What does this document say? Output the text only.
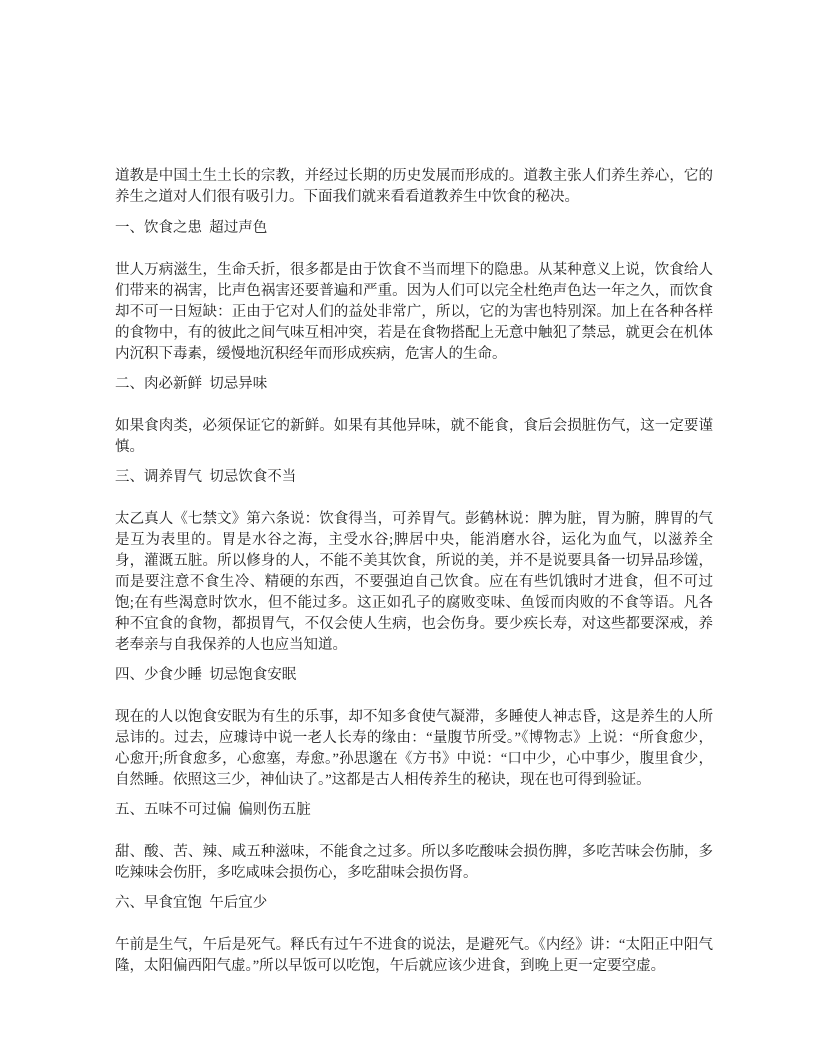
道教是中国土生土长的宗教，并经过长期的历史发展而形成的。道教主张人们养生养心，它的养生之道对人们很有吸引力。下面我们就来看看道教养生中饮食的秘决。

一、饮食之患  超过声色

世人万病滋生，生命夭折，很多都是由于饮食不当而埋下的隐患。从某种意义上说，饮食给人们带来的祸害，比声色祸害还要普遍和严重。因为人们可以完全杜绝声色达一年之久，而饮食却不可一日短缺：正由于它对人们的益处非常广，所以，它的为害也特别深。加上在各种各样的食物中，有的彼此之间气味互相冲突，若是在食物搭配上无意中触犯了禁忌，就更会在机体内沉积下毒素，缓慢地沉积经年而形成疾病，危害人的生命。

二、肉必新鲜  切忌异味

如果食肉类，必须保证它的新鲜。如果有其他异味，就不能食，食后会损脏伤气，这一定要谨慎。

三、调养胃气  切忌饮食不当

太乙真人《七禁文》第六条说：饮食得当，可养胃气。彭鹤林说：脾为脏，胃为腑，脾胃的气是互为表里的。胃是水谷之海，主受水谷;脾居中央，能消磨水谷，运化为血气，以滋养全身，灌溉五脏。所以修身的人，不能不美其饮食，所说的美，并不是说要具备一切异品珍馐，而是要注意不食生冷、精硬的东西，不要强迫自己饮食。应在有些饥饿时才进食，但不可过饱;在有些渴意时饮水，但不能过多。这正如孔子的腐败变味、鱼馁而肉败的不食等语。凡各种不宜食的食物，都损胃气，不仅会使人生病，也会伤身。要少疾长寿，对这些都要深戒，养老奉亲与自我保养的人也应当知道。

四、少食少睡  切忌饱食安眠

现在的人以饱食安眠为有生的乐事，却不知多食使气凝滞，多睡使人神志昏，这是养生的人所忌讳的。过去，应璩诗中说一老人长寿的缘由：“量腹节所受。”《博物志》上说：“所食愈少，心愈开;所食愈多，心愈塞，寿愈。”孙思邈在《方书》中说：“口中少，心中事少，腹里食少，自然睡。依照这三少，神仙诀了。”这都是古人相传养生的秘诀，现在也可得到验证。

五、五味不可过偏  偏则伤五脏

甜、酸、苦、辣、咸五种滋味，不能食之过多。所以多吃酸味会损伤脾，多吃苦味会伤肺，多吃辣味会伤肝，多吃咸味会损伤心，多吃甜味会损伤肾。

六、早食宜饱  午后宜少

午前是生气，午后是死气。释氏有过午不进食的说法，是避死气。《内经》讲：“太阳正中阳气隆，太阳偏西阳气虚。”所以早饭可以吃饱，午后就应该少进食，到晚上更一定要空虚。
